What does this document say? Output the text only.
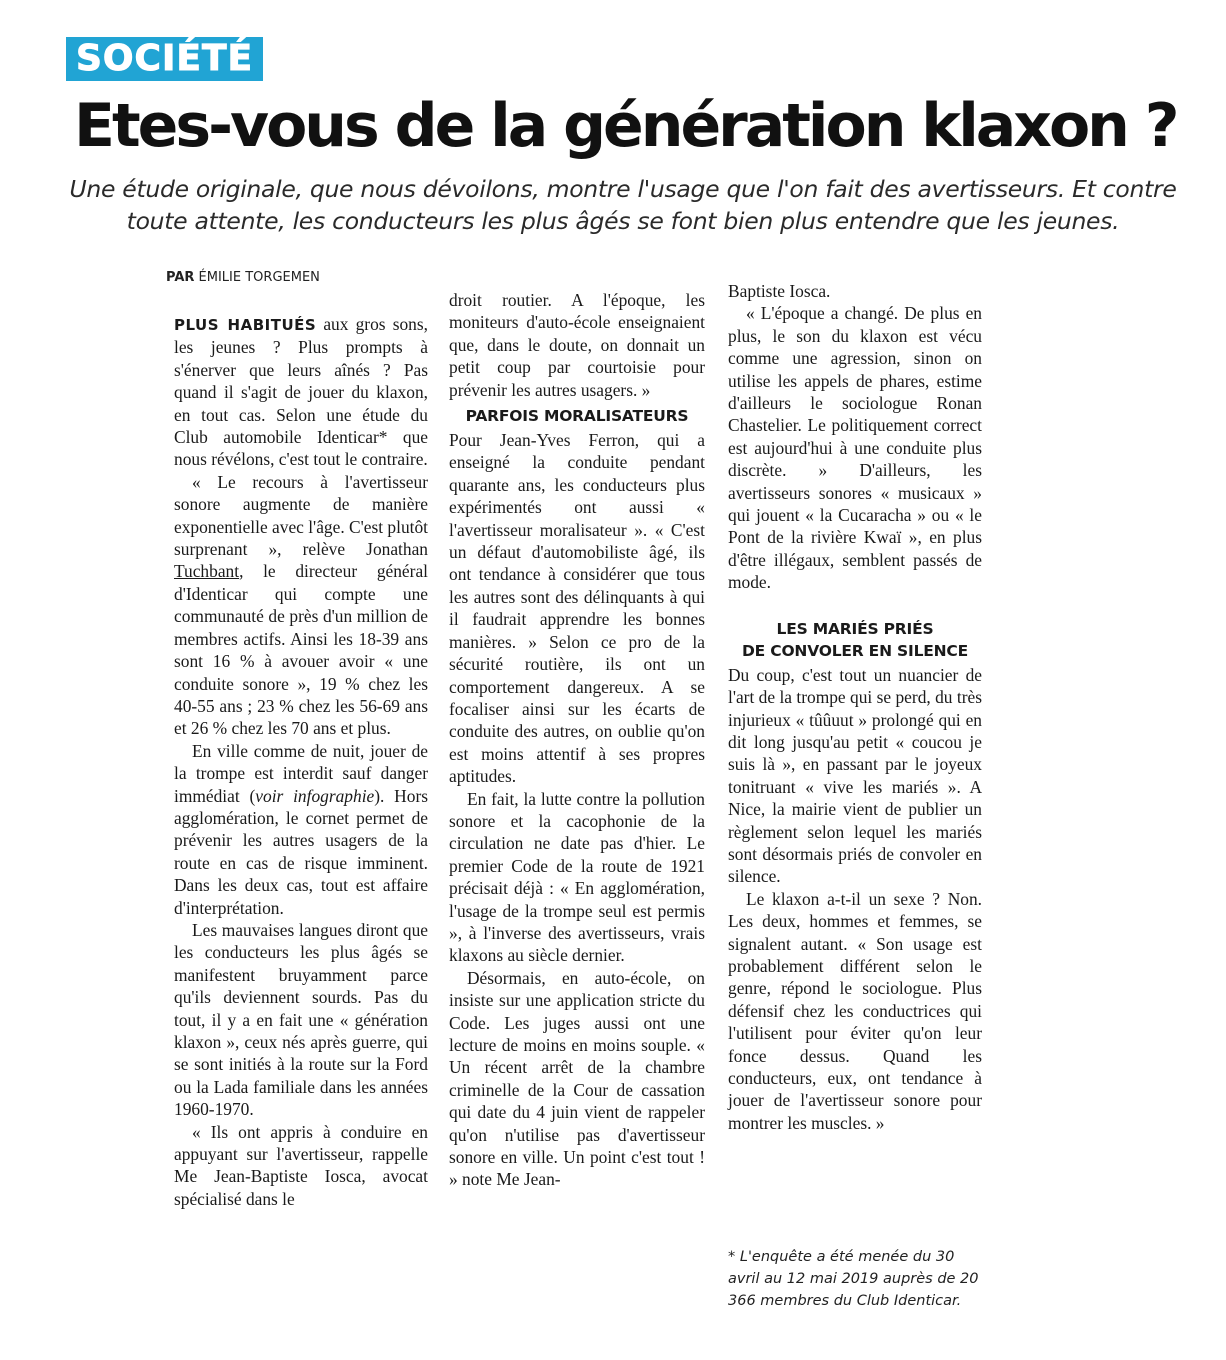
SOCIÉTÉ
Etes-vous de la génération klaxon ?
Une étude originale, que nous dévoilons, montre l'usage que l'on fait des avertisseurs. Et contre toute attente, les conducteurs les plus âgés se font bien plus entendre que les jeunes.
PAR ÉMILIE TORGEMEN

PLUS HABITUÉS aux gros sons, les jeunes ? Plus prompts à s'énerver que leurs aînés ? Pas quand il s'agit de jouer du klaxon, en tout cas. Selon une étude du Club automobile Identicar* que nous révélons, c'est tout le contraire.

« Le recours à l'avertisseur sonore augmente de manière exponentielle avec l'âge. C'est plutôt surprenant », relève Jonathan Tuchbant, le directeur général d'Identicar qui compte une communauté de près d'un million de membres actifs. Ainsi les 18-39 ans sont 16 % à avouer avoir « une conduite sonore », 19 % chez les 40-55 ans ; 23 % chez les 56-69 ans et 26 % chez les 70 ans et plus.

En ville comme de nuit, jouer de la trompe est interdit sauf danger immédiat (voir infographie). Hors agglomération, le cornet permet de prévenir les autres usagers de la route en cas de risque imminent. Dans les deux cas, tout est affaire d'interprétation.

Les mauvaises langues diront que les conducteurs les plus âgés se manifestent bruyamment parce qu'ils deviennent sourds. Pas du tout, il y a en fait une « génération klaxon », ceux nés après guerre, qui se sont initiés à la route sur la Ford ou la Lada familiale dans les années 1960-1970.

« Ils ont appris à conduire en appuyant sur l'avertisseur, rappelle Me Jean-Baptiste Iosca, avocat spécialisé dans le

droit routier. A l'époque, les moniteurs d'auto-école enseignaient que, dans le doute, on donnait un petit coup par courtoisie pour prévenir les autres usagers. »

PARFOIS MORALISATEURS

Pour Jean-Yves Ferron, qui a enseigné la conduite pendant quarante ans, les conducteurs plus expérimentés ont aussi « l'avertisseur moralisateur ». « C'est un défaut d'automobiliste âgé, ils ont tendance à considérer que tous les autres sont des délinquants à qui il faudrait apprendre les bonnes manières. » Selon ce pro de la sécurité routière, ils ont un comportement dangereux. A se focaliser ainsi sur les écarts de conduite des autres, on oublie qu'on est moins attentif à ses propres aptitudes.

En fait, la lutte contre la pollution sonore et la cacophonie de la circulation ne date pas d'hier. Le premier Code de la route de 1921 précisait déjà : « En agglomération, l'usage de la trompe seul est permis », à l'inverse des avertisseurs, vrais klaxons au siècle dernier.

Désormais, en auto-école, on insiste sur une application stricte du Code. Les juges aussi ont une lecture de moins en moins souple. « Un récent arrêt de la chambre criminelle de la Cour de cassation qui date du 4 juin vient de rappeler qu'on n'utilise pas d'avertisseur sonore en ville. Un point c'est tout ! » note Me Jean-

Baptiste Iosca.

« L'époque a changé. De plus en plus, le son du klaxon est vécu comme une agression, sinon on utilise les appels de phares, estime d'ailleurs le sociologue Ronan Chastelier. Le politiquement correct est aujourd'hui à une conduite plus discrète. » D'ailleurs, les avertisseurs sonores « musicaux » qui jouent « la Cucaracha » ou « le Pont de la rivière Kwaï », en plus d'être illégaux, semblent passés de mode.

LES MARIÉS PRIÉS
DE CONVOLER EN SILENCE

Du coup, c'est tout un nuancier de l'art de la trompe qui se perd, du très injurieux « tûûuut » prolongé qui en dit long jusqu'au petit « coucou je suis là », en passant par le joyeux tonitruant « vive les mariés ». A Nice, la mairie vient de publier un règlement selon lequel les mariés sont désormais priés de convoler en silence.

Le klaxon a-t-il un sexe ? Non. Les deux, hommes et femmes, se signalent autant. « Son usage est probablement différent selon le genre, répond le sociologue. Plus défensif chez les conductrices qui l'utilisent pour éviter qu'on leur fonce dessus. Quand les conducteurs, eux, ont tendance à jouer de l'avertisseur sonore pour montrer les muscles. »

* L'enquête a été menée du 30 avril au 12 mai 2019 auprès de 20 366 membres du Club Identicar.
